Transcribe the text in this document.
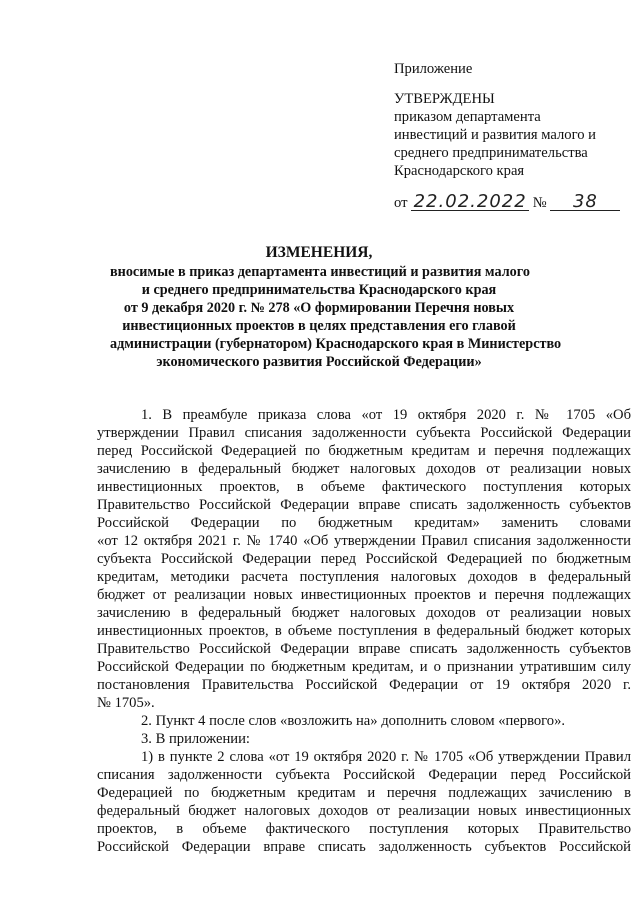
Приложение
УТВЕРЖДЕНЫ
приказом департамента
инвестиций и развития малого и
среднего предпринимательства
Краснодарского края
от 22.02.2022 № 38
ИЗМЕНЕНИЯ,
вносимые в приказ департамента инвестиций и развития малого
и среднего предпринимательства Краснодарского края
от 9 декабря 2020 г. № 278 «О формировании Перечня новых
инвестиционных проектов в целях представления его главой
администрации (губернатором) Краснодарского края в Министерство
экономического развития Российской Федерации»
1. В преамбуле приказа слова «от 19 октября 2020 г. № 1705 «Об
утверждении Правил списания задолженности субъекта Российской Федерации
перед Российской Федерацией по бюджетным кредитам и перечня подлежащих
зачислению в федеральный бюджет налоговых доходов от реализации новых
инвестиционных проектов, в объеме фактического поступления которых
Правительство Российской Федерации вправе списать задолженность субъектов
Российской Федерации по бюджетным кредитам» заменить словами
«от 12 октября 2021 г. № 1740 «Об утверждении Правил списания задолженности
субъекта Российской Федерации перед Российской Федерацией по бюджетным
кредитам, методики расчета поступления налоговых доходов в федеральный
бюджет от реализации новых инвестиционных проектов и перечня подлежащих
зачислению в федеральный бюджет налоговых доходов от реализации новых
инвестиционных проектов, в объеме поступления в федеральный бюджет которых
Правительство Российской Федерации вправе списать задолженность субъектов
Российской Федерации по бюджетным кредитам, и о признании утратившим силу
постановления Правительства Российской Федерации от 19 октября 2020 г.
№ 1705».
2. Пункт 4 после слов «возложить на» дополнить словом «первого».
3. В приложении:
1) в пункте 2 слова «от 19 октября 2020 г. № 1705 «Об утверждении Правил
списания задолженности субъекта Российской Федерации перед Российской
Федерацией по бюджетным кредитам и перечня подлежащих зачислению в
федеральный бюджет налоговых доходов от реализации новых инвестиционных
проектов, в объеме фактического поступления которых Правительство
Российской Федерации вправе списать задолженность субъектов Российской
